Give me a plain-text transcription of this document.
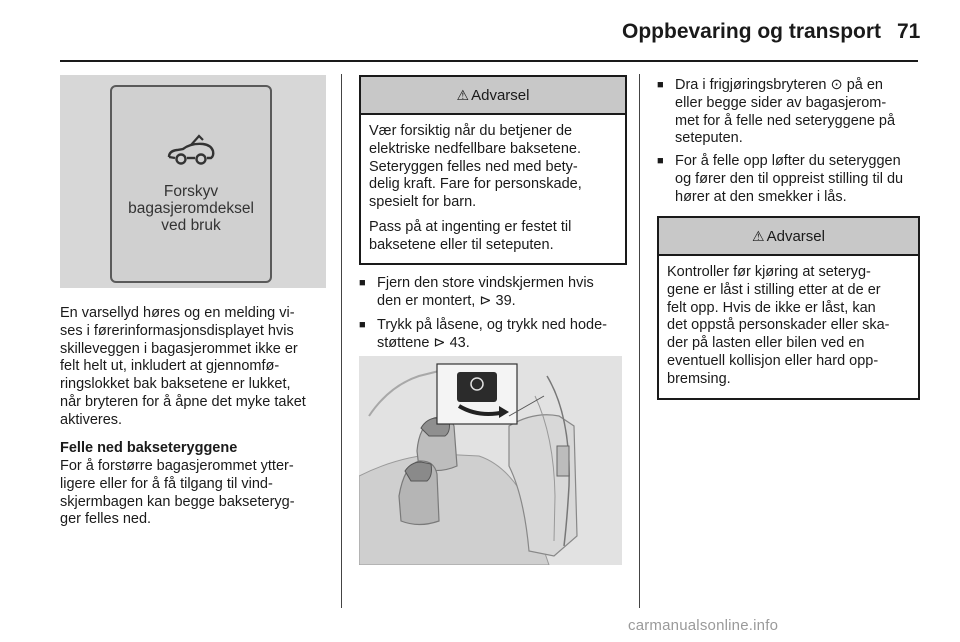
Oppbevaring og transport 71
Forskyv
bagasjeromdeksel
ved bruk
En varsellyd høres og en melding vi-
ses i førerinformasjonsdisplayet hvis
skilleveggen i bagasjerommet ikke er
felt helt ut, inkludert at gjennomfø-
ringslokket bak baksetene er lukket,
når bryteren for å åpne det myke taket
aktiveres.
Felle ned bakseteryggene
For å forstørre bagasjerommet ytter-
ligere eller for å få tilgang til vind-
skjermbagen kan begge bakseteryg-
ger felles ned.
⚠ Advarsel
Vær forsiktig når du betjener de
elektriske nedfellbare baksetene.
Seteryggen felles ned med bety-
delig kraft. Fare for personskade,
spesielt for barn.
Pass på at ingenting er festet til
baksetene eller til seteputen.
■ Fjern den store vindskjermen hvis
den er montert, ⊳ 39.
■ Trykk på låsene, og trykk ned hode-
støttene ⊳ 43.
■ Dra i frigjøringsbryteren ⊙ på en
eller begge sider av bagasjerom-
met for å felle ned seteryggene på
seteputen.
■ For å felle opp løfter du seteryggen
og fører den til oppreist stilling til du
hører at den smekker i lås.
⚠ Advarsel
Kontroller før kjøring at seteryg-
gene er låst i stilling etter at de er
felt opp. Hvis de ikke er låst, kan
det oppstå personskader eller ska-
der på lasten eller bilen ved en
eventuell kollisjon eller hard opp-
bremsing.
carmanualsonline.info
